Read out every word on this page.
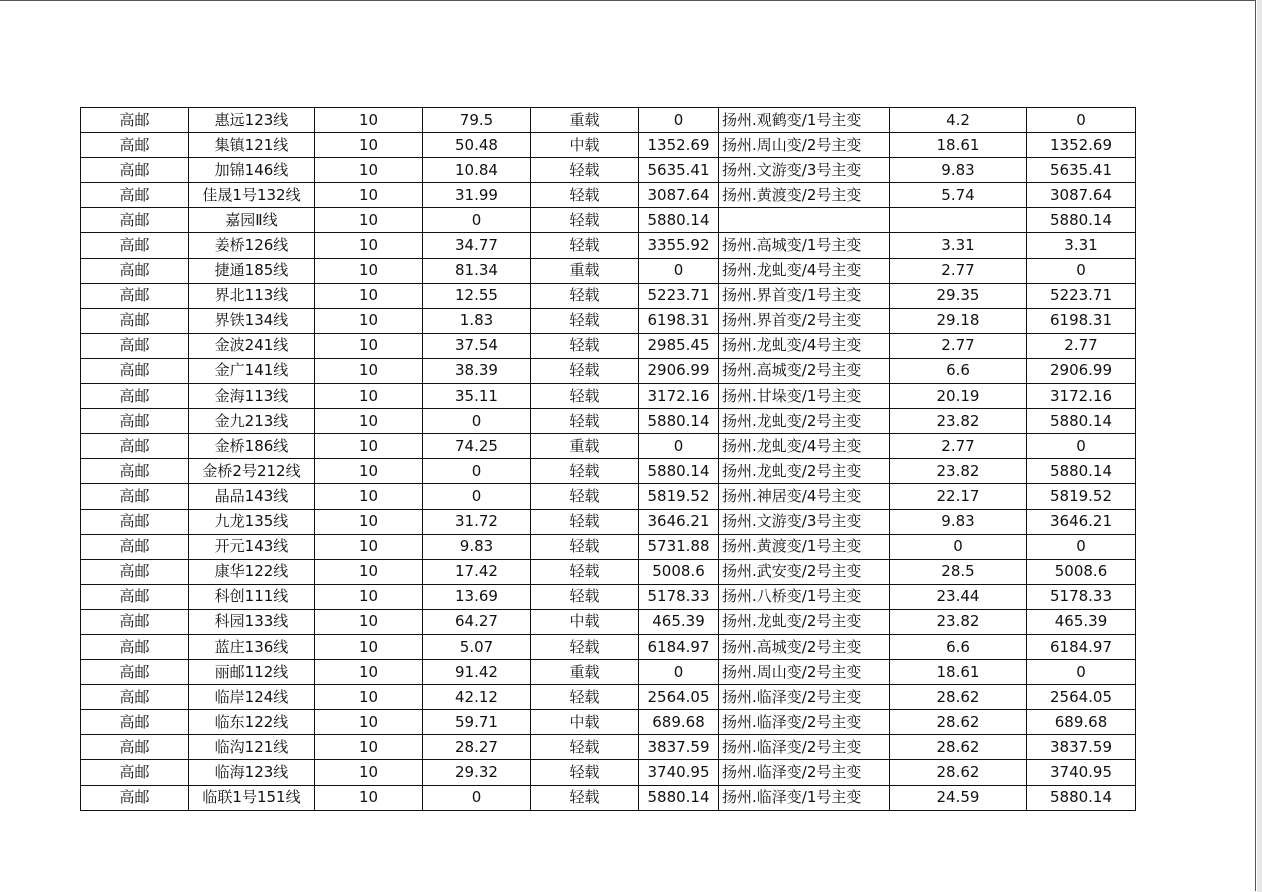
高邮	惠远123线	10	79.5	重载	0	扬州.观鹤变/1号主变	4.2	0
高邮	集镇121线	10	50.48	中载	1352.69	扬州.周山变/2号主变	18.61	1352.69
高邮	加锦146线	10	10.84	轻载	5635.41	扬州.文游变/3号主变	9.83	5635.41
高邮	佳晟1号132线	10	31.99	轻载	3087.64	扬州.黄渡变/2号主变	5.74	3087.64
高邮	嘉园Ⅱ线	10	0	轻载	5880.14			5880.14
高邮	姜桥126线	10	34.77	轻载	3355.92	扬州.高城变/1号主变	3.31	3.31
高邮	捷通185线	10	81.34	重载	0	扬州.龙虬变/4号主变	2.77	0
高邮	界北113线	10	12.55	轻载	5223.71	扬州.界首变/1号主变	29.35	5223.71
高邮	界铁134线	10	1.83	轻载	6198.31	扬州.界首变/2号主变	29.18	6198.31
高邮	金波241线	10	37.54	轻载	2985.45	扬州.龙虬变/4号主变	2.77	2.77
高邮	金广141线	10	38.39	轻载	2906.99	扬州.高城变/2号主变	6.6	2906.99
高邮	金海113线	10	35.11	轻载	3172.16	扬州.甘垛变/1号主变	20.19	3172.16
高邮	金九213线	10	0	轻载	5880.14	扬州.龙虬变/2号主变	23.82	5880.14
高邮	金桥186线	10	74.25	重载	0	扬州.龙虬变/4号主变	2.77	0
高邮	金桥2号212线	10	0	轻载	5880.14	扬州.龙虬变/2号主变	23.82	5880.14
高邮	晶品143线	10	0	轻载	5819.52	扬州.神居变/4号主变	22.17	5819.52
高邮	九龙135线	10	31.72	轻载	3646.21	扬州.文游变/3号主变	9.83	3646.21
高邮	开元143线	10	9.83	轻载	5731.88	扬州.黄渡变/1号主变	0	0
高邮	康华122线	10	17.42	轻载	5008.6	扬州.武安变/2号主变	28.5	5008.6
高邮	科创111线	10	13.69	轻载	5178.33	扬州.八桥变/1号主变	23.44	5178.33
高邮	科园133线	10	64.27	中载	465.39	扬州.龙虬变/2号主变	23.82	465.39
高邮	蓝庄136线	10	5.07	轻载	6184.97	扬州.高城变/2号主变	6.6	6184.97
高邮	丽邮112线	10	91.42	重载	0	扬州.周山变/2号主变	18.61	0
高邮	临岸124线	10	42.12	轻载	2564.05	扬州.临泽变/2号主变	28.62	2564.05
高邮	临东122线	10	59.71	中载	689.68	扬州.临泽变/2号主变	28.62	689.68
高邮	临沟121线	10	28.27	轻载	3837.59	扬州.临泽变/2号主变	28.62	3837.59
高邮	临海123线	10	29.32	轻载	3740.95	扬州.临泽变/2号主变	28.62	3740.95
高邮	临联1号151线	10	0	轻载	5880.14	扬州.临泽变/1号主变	24.59	5880.14
